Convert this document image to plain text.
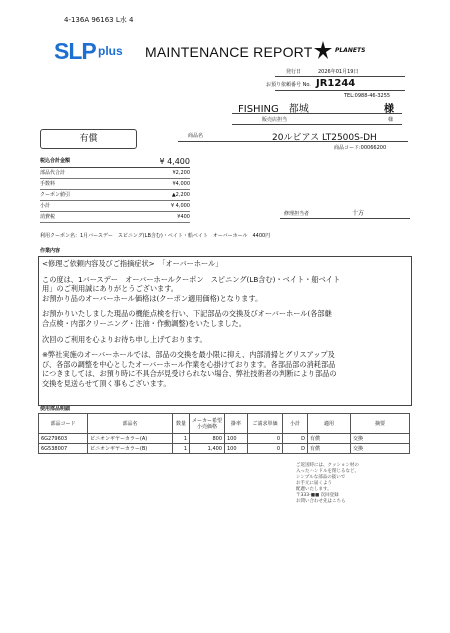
4-136A 96163 L水 4
SLP plus MAINTENANCE REPORT	PLANETS
発行日	2026年01月19日
お預り依頼番号 No. JR1244
TEL:0988-46-3255
FISHING　都城	様
販売店担当	様
有償	商品名	20ルビアス LT2500S-DH
商品コード:00066200
税込合計金額	¥ 4,400
部品代合計	¥2,200
手数料	¥4,000
クーポン値引	▲2,200
小計	¥ 4,000
消費税	¥400	修理担当者	十方
利用クーポン名：1月バースデー　スピニング(LB含む)・ベイト・船ベイト　オーバーホール　4400円
作業内容
<修理ご依頼内容及びご指摘症状>　「オーバーホール」
この度は、1バースデー　オーバーホールクーポン　スピニング(LB含む)・ベイト・船ベイト
用」のご利用誠にありがとうございます。
お預かり品のオーバーホール価格は(クーポン適用価格)となります。
お預かりいたしました現品の機能点検を行い、下記部品の交換及びオーバーホール(各部継
合点検・内部クリーニング・注油・作動調整)をいたしました。
次回のご利用を心よりお待ち申し上げております。
※弊社実施のオーバーホールでは、部品の交換を最小限に抑え、内部清掃とグリスアップ及
び、各部の調整を中心としたオーバーホール作業を心掛けております。各部品部の消耗部品
につきましては、お預り時に不具合が見受けられない場合、弊社技術者の判断により部品の
交換を見送らせて頂く事もございます。
使用部品明細
部品コード	部品名	数量	メーカー希望小売価格	掛率	ご請求単価	小計	適用	摘要
6G279603	ピニオンギヤーカラー(A)	1	800	100	0	D	有償	交換
6G538007	ピニオンギヤーカラー(B)	1	1,400	100	0	D	有償	交換
ご返送時には、クッション材の
入ったハンドルを閉じるなど、
シンプルな部品の扱いで
お手元に届くよう
配慮いたします。
〒333-■■ 次回登録
お問い合わせ先はこちら
